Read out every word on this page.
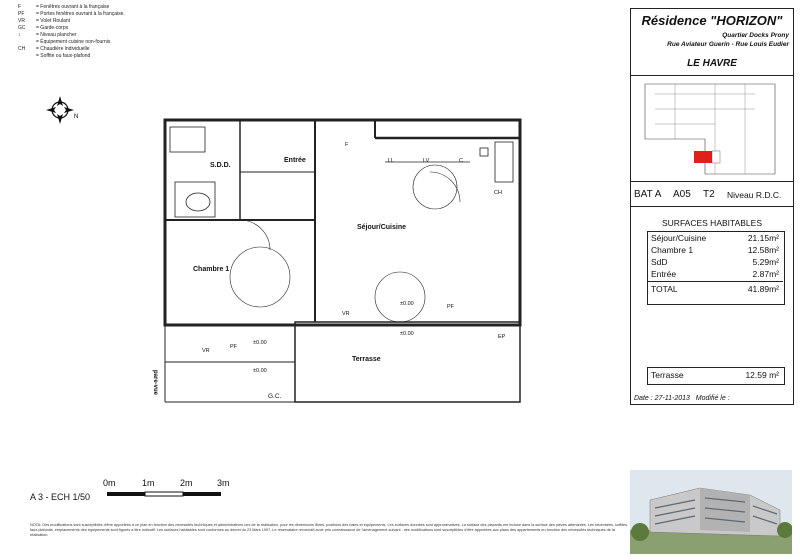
F	= Fenêtres ouvrant à la française
PF	= Portes fenêtres ouvrant à la française.
VR	= Volet Roulant
GC	= Garde-corps
↕	= Niveau plancher
= Équipement cuisine non-fournis
CH	= Chaudière individuelle
= Soffite ou faux-plafond
N
S.D.D.
Entrée
Séjour/Cuisine
Chambre 1
Terrasse
G.C.
pare-vue
VR
VR
PF
PF
EP
CH
LL	LV	C
F
±0.00
±0.00
±0.00
±0.00
0m	1m	2m	3m
A 3 - ECH 1/50
Résidence "HORIZON"
Quartier Docks Prony
Rue Aviateur Guerin - Rue Louis Eudier
LE HAVRE
BAT A A05 T2 Niveau R.D.C.
SURFACES HABITABLES
Séjour/Cuisine	21.15m²
Chambre 1	12.58m²
SdD	5.29m²
Entrée	2.87m²
TOTAL	41.89m²
Terrasse	12.59 m²
Date : 27-11-2013 Modifié le :
NOTA: Des modifications sont susceptibles d'être apportées à ce plan en fonction des nécessités techniques et administratives lors de la réalisation, pour les dimensions libres, positions des baies et équipements. Les surfaces données sont approximatives. La surface des placards est incluse dans la surface des pièces attenantes. Les retombées, soffites, faux-plafonds, emplacements des équipements sont figurés à titre indicatif. Les surfaces habitables sont conformes au décret du 23 Mars 1997. Le réservataire reconnaît avoir pris connaissance de l'aménagement suivant : des modifications sont susceptibles d'être apportées aux plans des appartements en fonction des nécessités techniques de la réalisation.
